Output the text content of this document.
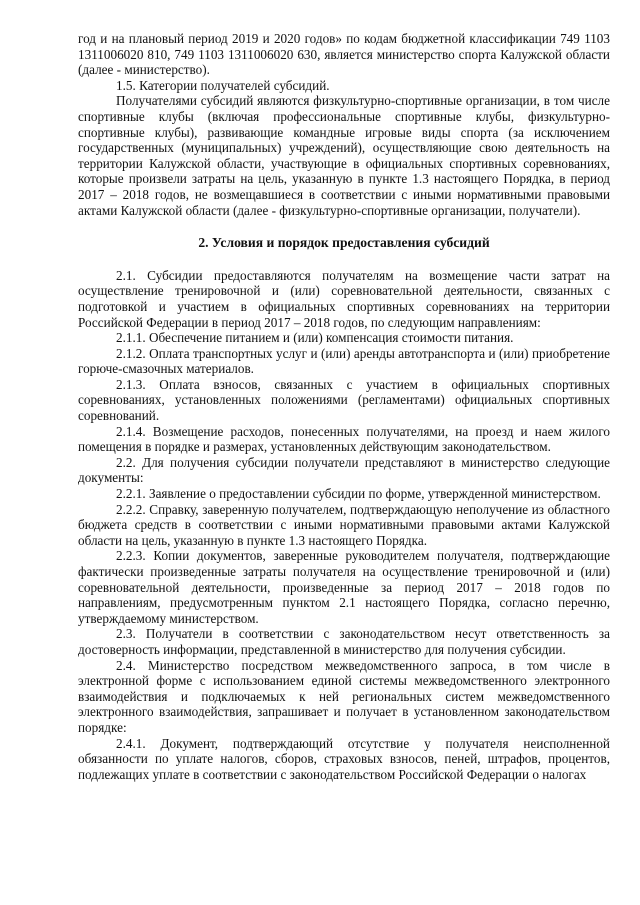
год и на плановый период 2019 и 2020 годов» по кодам бюджетной классификации 749 1103 1311006020 810, 749 1103 1311006020 630, является министерство спорта Калужской области (далее - министерство).

1.5. Категории получателей субсидий.

Получателями субсидий являются физкультурно-спортивные организации, в том числе спортивные клубы (включая профессиональные спортивные клубы, физкультурно-спортивные клубы), развивающие командные игровые виды спорта (за исключением государственных (муниципальных) учреждений), осуществляющие свою деятельность на территории Калужской области, участвующие в официальных спортивных соревнованиях, которые произвели затраты на цель, указанную в пункте 1.3 настоящего Порядка, в период 2017 – 2018 годов, не возмещавшиеся в соответствии с иными нормативными правовыми актами Калужской области (далее - физкультурно-спортивные организации, получатели).

2. Условия и порядок предоставления субсидий

2.1. Субсидии предоставляются получателям на возмещение части затрат на осуществление тренировочной и (или) соревновательной деятельности, связанных с подготовкой и участием в официальных спортивных соревнованиях на территории Российской Федерации в период 2017 – 2018 годов, по следующим направлениям:

2.1.1. Обеспечение питанием и (или) компенсация стоимости питания.

2.1.2. Оплата транспортных услуг и (или) аренды автотранспорта и (или) приобретение горюче-смазочных материалов.

2.1.3. Оплата взносов, связанных с участием в официальных спортивных соревнованиях, установленных положениями (регламентами) официальных спортивных соревнований.

2.1.4. Возмещение расходов, понесенных получателями, на проезд и наем жилого помещения в порядке и размерах, установленных действующим законодательством.

2.2. Для получения субсидии получатели представляют в министерство следующие документы:

2.2.1. Заявление о предоставлении субсидии по форме, утвержденной министерством.

2.2.2. Справку, заверенную получателем, подтверждающую неполучение из областного бюджета средств в соответствии с иными нормативными правовыми актами Калужской области на цель, указанную в пункте 1.3 настоящего Порядка.

2.2.3. Копии документов, заверенные руководителем получателя, подтверждающие фактически произведенные затраты получателя на осуществление тренировочной и (или) соревновательной деятельности, произведенные за период 2017 – 2018 годов по направлениям, предусмотренным пунктом 2.1 настоящего Порядка, согласно перечню, утверждаемому министерством.

2.3. Получатели в соответствии с законодательством несут ответственность за достоверность информации, представленной в министерство для получения субсидии.

2.4. Министерство посредством межведомственного запроса, в том числе в электронной форме с использованием единой системы межведомственного электронного взаимодействия и подключаемых к ней региональных систем межведомственного электронного взаимодействия, запрашивает и получает в установленном законодательством порядке:

2.4.1. Документ, подтверждающий отсутствие у получателя неисполненной обязанности по уплате налогов, сборов, страховых взносов, пеней, штрафов, процентов, подлежащих уплате в соответствии с законодательством Российской Федерации о налогах
